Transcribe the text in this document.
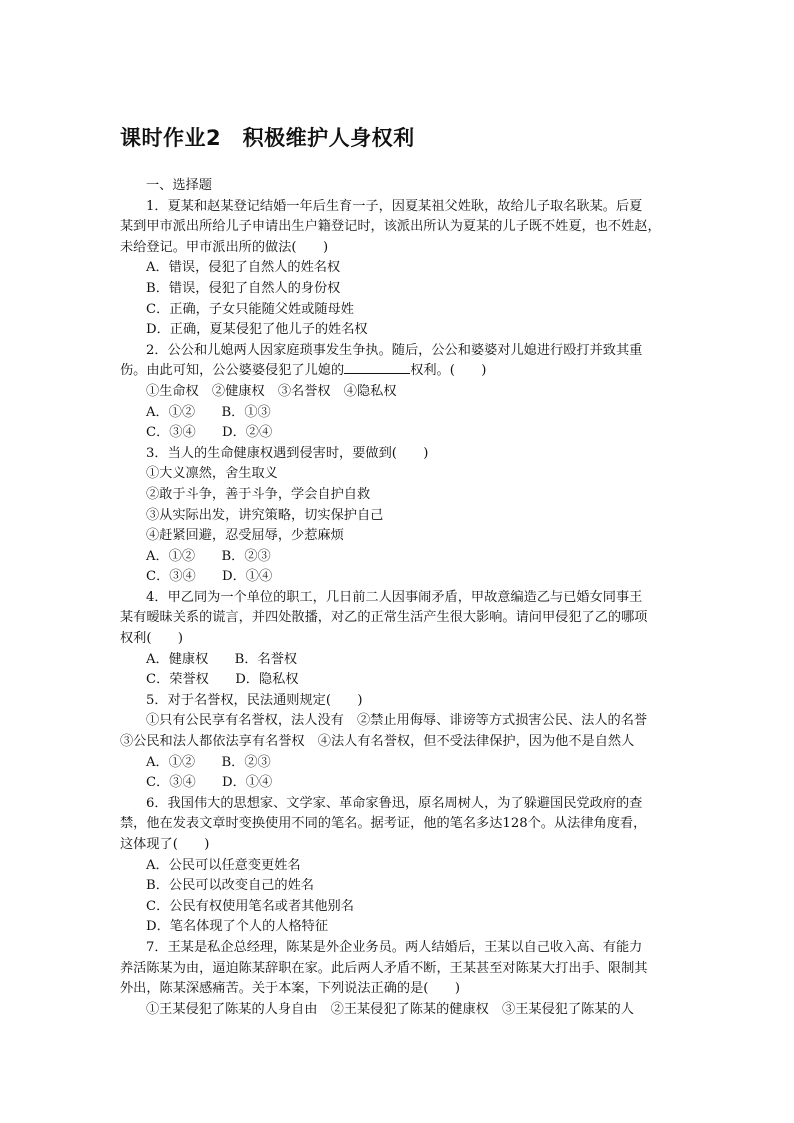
课时作业2　积极维护人身权利
一、选择题
1．夏某和赵某登记结婚一年后生育一子，因夏某祖父姓耿，故给儿子取名耿某。后夏
某到甲市派出所给儿子申请出生户籍登记时，该派出所认为夏某的儿子既不姓夏，也不姓赵，
未给登记。甲市派出所的做法(　　)
A．错误，侵犯了自然人的姓名权
B．错误，侵犯了自然人的身份权
C．正确，子女只能随父姓或随母姓
D．正确，夏某侵犯了他儿子的姓名权
2．公公和儿媳两人因家庭琐事发生争执。随后，公公和婆婆对儿媳进行殴打并致其重
伤。由此可知，公公婆婆侵犯了儿媳的	权利。(　　)
①生命权　②健康权　③名誉权　④隐私权
A．①②　　B．①③
C．③④　　D．②④
3．当人的生命健康权遇到侵害时，要做到(　　)
①大义凛然，舍生取义
②敢于斗争，善于斗争，学会自护自救
③从实际出发，讲究策略，切实保护自己
④赶紧回避，忍受屈辱，少惹麻烦
A．①②　　B．②③
C．③④　　D．①④
4．甲乙同为一个单位的职工，几日前二人因事闹矛盾，甲故意编造乙与已婚女同事王
某有暧昧关系的谎言，并四处散播，对乙的正常生活产生很大影响。请问甲侵犯了乙的哪项
权利(　　)
A．健康权　　B．名誉权
C．荣誉权　　D．隐私权
5．对于名誉权，民法通则规定(　　)
①只有公民享有名誉权，法人没有　②禁止用侮辱、诽谤等方式损害公民、法人的名誉
③公民和法人都依法享有名誉权　④法人有名誉权，但不受法律保护，因为他不是自然人
A．①②　　B．②③
C．③④　　D．①④
6．我国伟大的思想家、文学家、革命家鲁迅，原名周树人，为了躲避国民党政府的查
禁，他在发表文章时变换使用不同的笔名。据考证，他的笔名多达128个。从法律角度看，
这体现了(　　)
A．公民可以任意变更姓名
B．公民可以改变自己的姓名
C．公民有权使用笔名或者其他别名
D．笔名体现了个人的人格特征
7．王某是私企总经理，陈某是外企业务员。两人结婚后，王某以自己收入高、有能力
养活陈某为由，逼迫陈某辞职在家。此后两人矛盾不断，王某甚至对陈某大打出手、限制其
外出，陈某深感痛苦。关于本案，下列说法正确的是(　　)
①王某侵犯了陈某的人身自由　②王某侵犯了陈某的健康权　③王某侵犯了陈某的人
